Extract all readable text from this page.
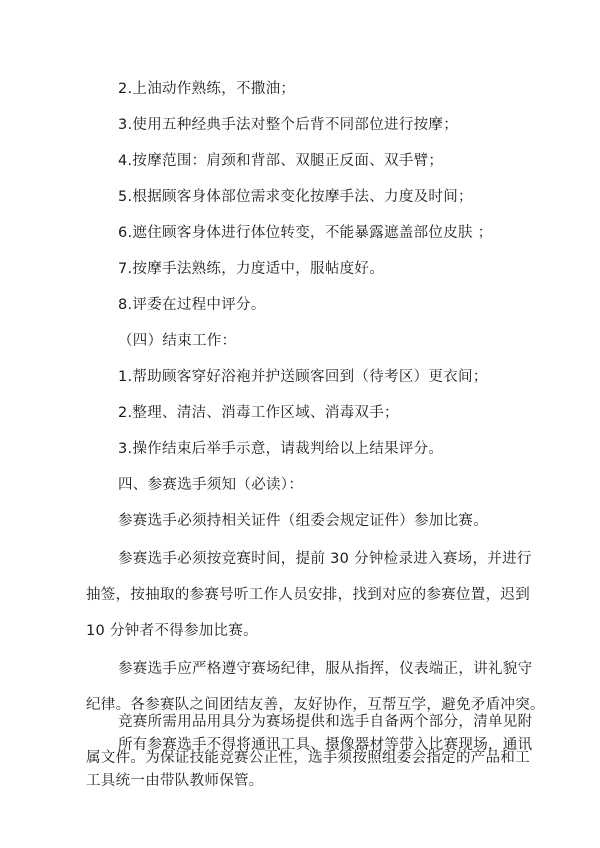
2.上油动作熟练，不撒油；
3.使用五种经典手法对整个后背不同部位进行按摩；
4.按摩范围：肩颈和背部、双腿正反面、双手臂；
5.根据顾客身体部位需求变化按摩手法、力度及时间；
6.遮住顾客身体进行体位转变，不能暴露遮盖部位皮肤 ；
7.按摩手法熟练，力度适中，服帖度好。
8.评委在过程中评分。
（四）结束工作：
1.帮助顾客穿好浴袍并护送顾客回到（待考区）更衣间；
2.整理、清洁、消毒工作区域、消毒双手；
3.操作结束后举手示意，请裁判给以上结果评分。
四、参赛选手须知（必读）：
参赛选手必须持相关证件（组委会规定证件）参加比赛。
参赛选手必须按竞赛时间，提前 30 分钟检录进入赛场，并进行
抽签，按抽取的参赛号听工作人员安排，找到对应的参赛位置，迟到
10 分钟者不得参加比赛。
参赛选手应严格遵守赛场纪律，服从指挥，仪表端正，讲礼貌守
纪律。各参赛队之间团结友善，友好协作，互帮互学，避免矛盾冲突。
所有参赛选手不得将通讯工具、摄像器材等带入比赛现场，通讯
工具统一由带队教师保管。
竞赛所需用品用具分为赛场提供和选手自备两个部分，清单见附
属文件。为保证技能竞赛公正性，选手须按照组委会指定的产品和工
